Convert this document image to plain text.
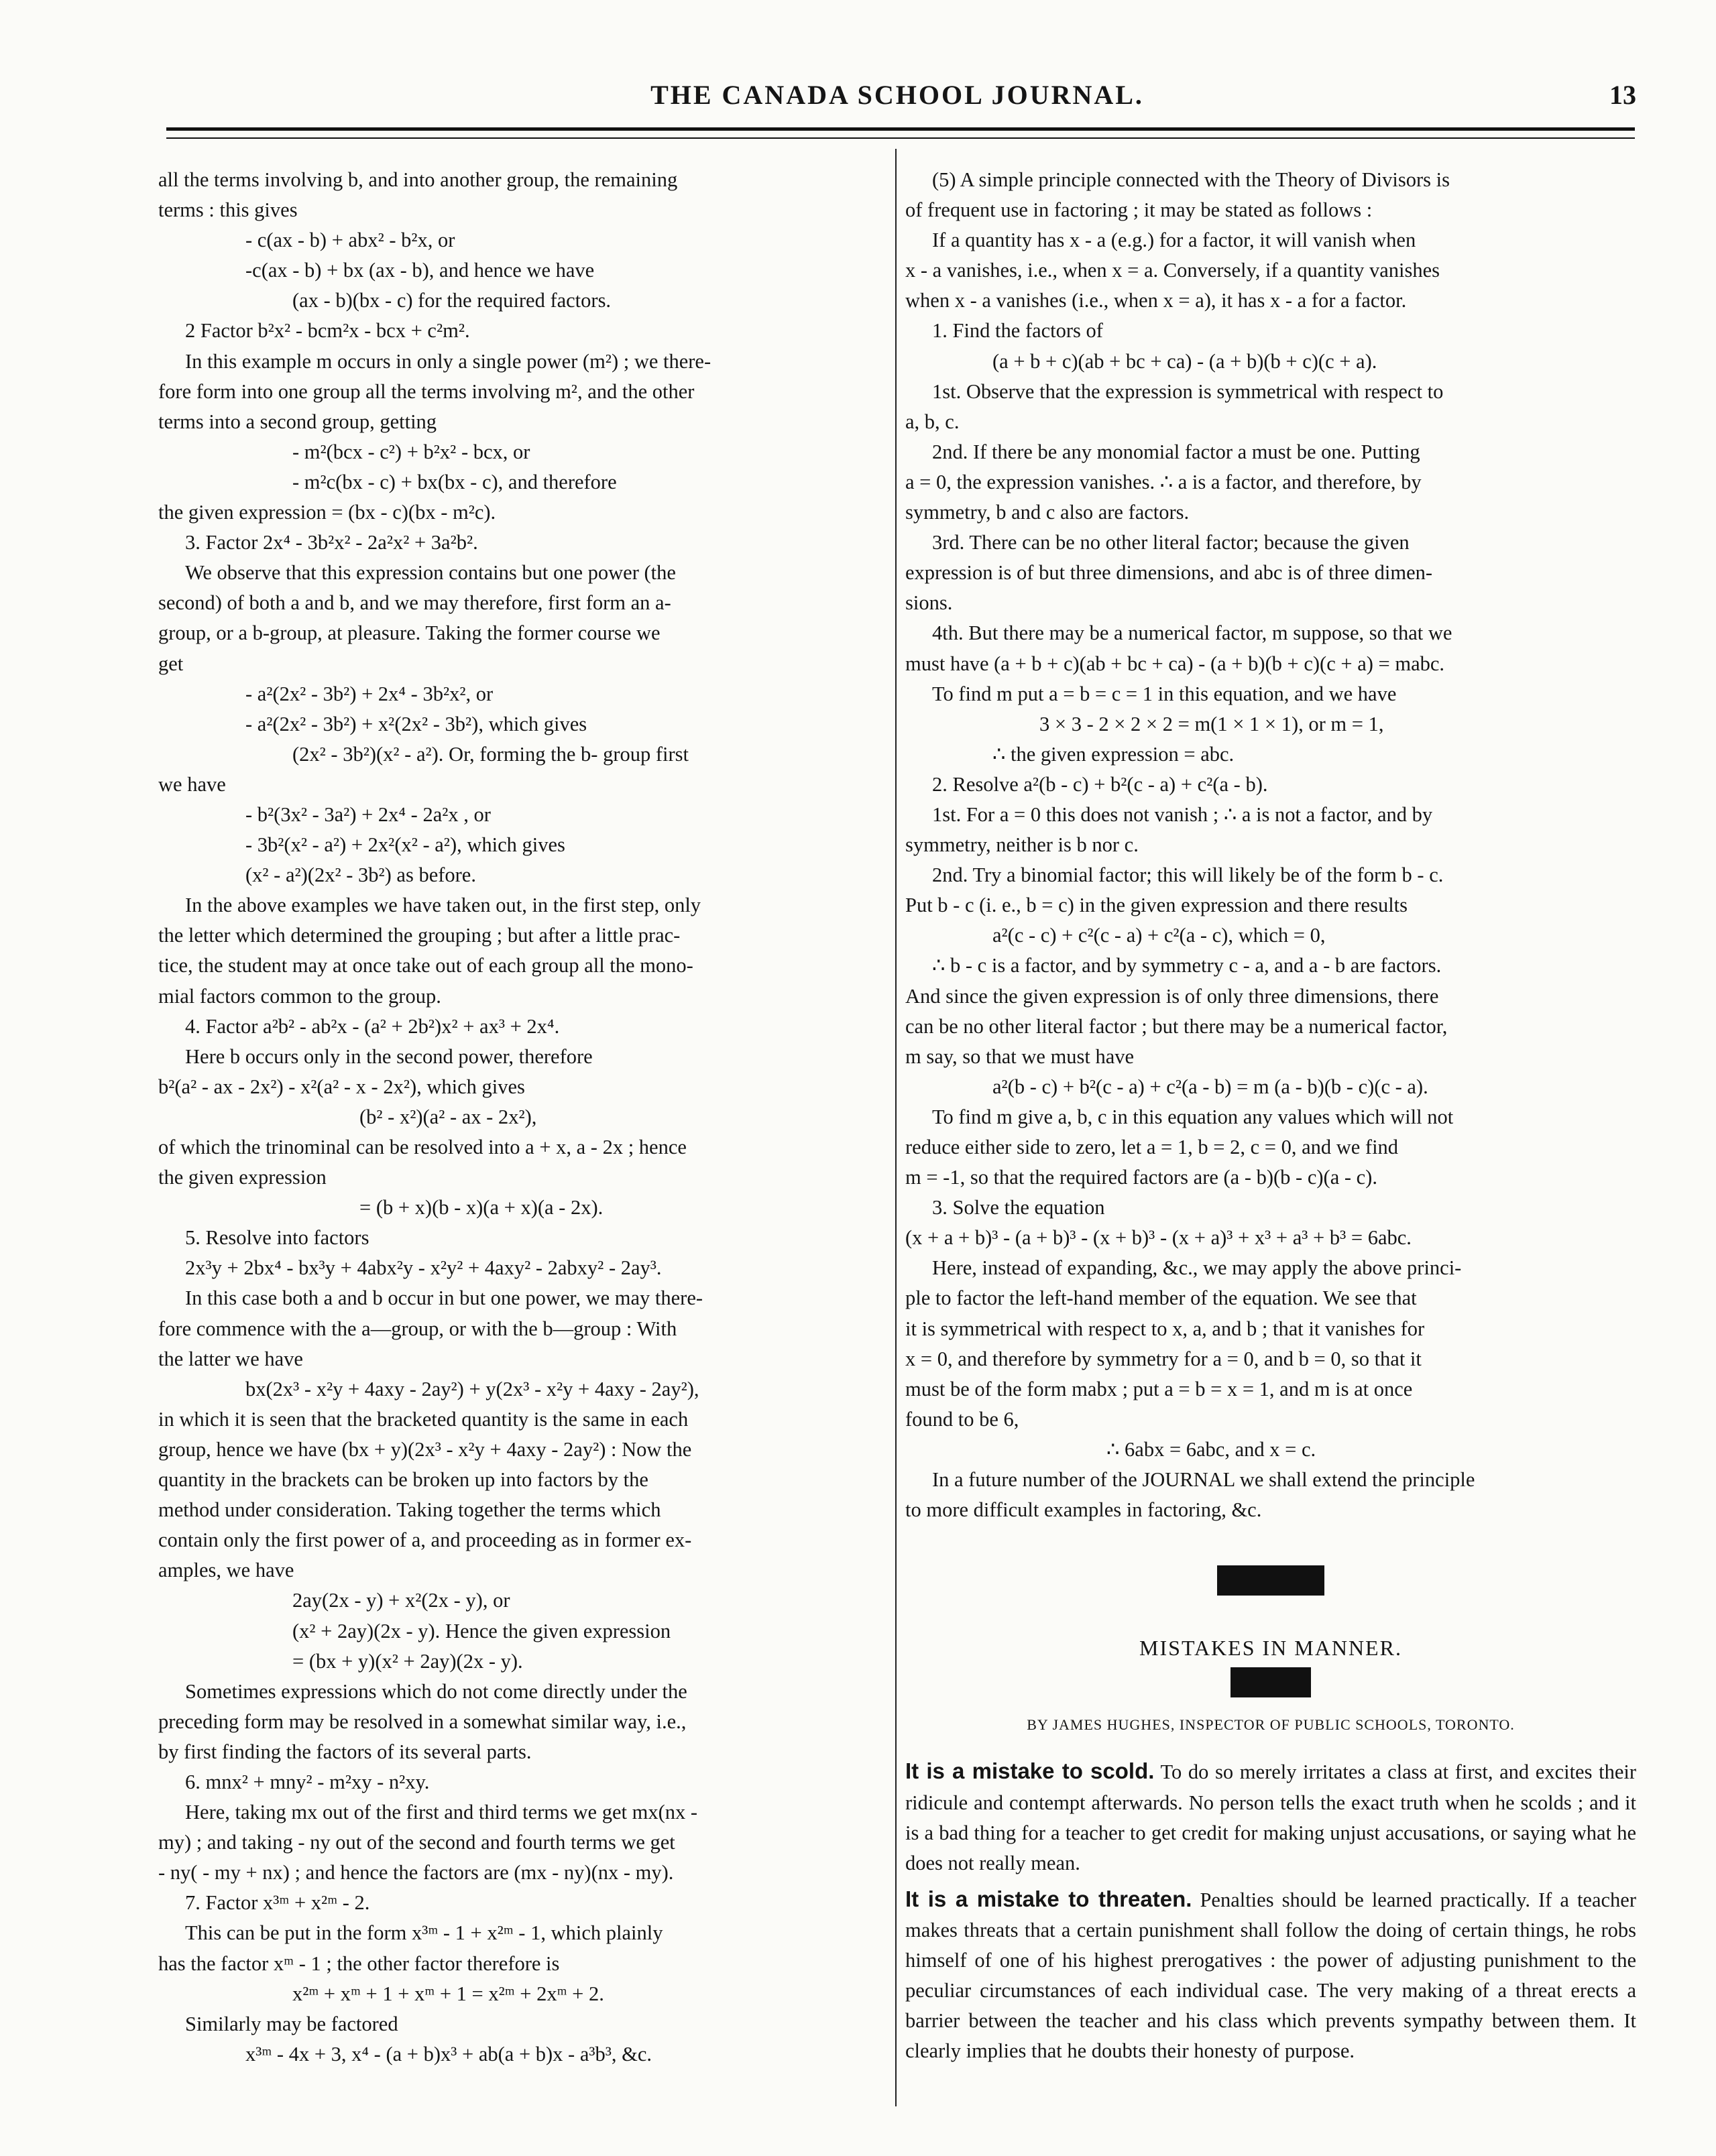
THE CANADA SCHOOL JOURNAL.	13
all the terms involving b, and into another group, the remaining
terms : this gives
- c(ax - b) + abx² - b²x, or
-c(ax - b) + bx (ax - b), and hence we have
(ax - b)(bx - c) for the required factors.
2 Factor b²x² - bcm²x - bcx + c²m².
In this example m occurs in only a single power (m²) ; we there-
fore form into one group all the terms involving m², and the other
terms into a second group, getting
- m²(bcx - c²) + b²x² - bcx, or
- m²c(bx - c) + bx(bx - c), and therefore
the given expression = (bx - c)(bx - m²c).
3. Factor 2x⁴ - 3b²x² - 2a²x² + 3a²b².
We observe that this expression contains but one power (the
second) of both a and b, and we may therefore, first form an a-
group, or a b-group, at pleasure. Taking the former course we
get
- a²(2x² - 3b²) + 2x⁴ - 3b²x², or
- a²(2x² - 3b²) + x²(2x² - 3b²), which gives
(2x² - 3b²)(x² - a²). Or, forming the b- group first
we have
- b²(3x² - 3a²) + 2x⁴ - 2a²x , or
- 3b²(x² - a²) + 2x²(x² - a²), which gives
(x² - a²)(2x² - 3b²) as before.
In the above examples we have taken out, in the first step, only
the letter which determined the grouping ; but after a little prac-
tice, the student may at once take out of each group all the mono-
mial factors common to the group.
4. Factor a²b² - ab²x - (a² + 2b²)x² + ax³ + 2x⁴.
Here b occurs only in the second power, therefore
b²(a² - ax - 2x²) - x²(a² - x - 2x²), which gives
(b² - x²)(a² - ax - 2x²),
of which the trinominal can be resolved into a + x, a - 2x ; hence
the given expression
= (b + x)(b - x)(a + x)(a - 2x).
5. Resolve into factors
2x³y + 2bx⁴ - bx³y + 4abx²y - x²y² + 4axy² - 2abxy² - 2ay³.
In this case both a and b occur in but one power, we may there-
fore commence with the a—group, or with the b—group : With
the latter we have
bx(2x³ - x²y + 4axy - 2ay²) + y(2x³ - x²y + 4axy - 2ay²),
in which it is seen that the bracketed quantity is the same in each
group, hence we have (bx + y)(2x³ - x²y + 4axy - 2ay²) : Now the
quantity in the brackets can be broken up into factors by the
method under consideration. Taking together the terms which
contain only the first power of a, and proceeding as in former ex-
amples, we have
2ay(2x - y) + x²(2x - y), or
(x² + 2ay)(2x - y). Hence the given expression
= (bx + y)(x² + 2ay)(2x - y).
Sometimes expressions which do not come directly under the
preceding form may be resolved in a somewhat similar way, i.e.,
by first finding the factors of its several parts.
6. mnx² + mny² - m²xy - n²xy.
Here, taking mx out of the first and third terms we get mx(nx -
my) ; and taking - ny out of the second and fourth terms we get
- ny( - my + nx) ; and hence the factors are (mx - ny)(nx - my).
7. Factor x³ᵐ + x²ᵐ - 2.
This can be put in the form x³ᵐ - 1 + x²ᵐ - 1, which plainly
has the factor xᵐ - 1 ; the other factor therefore is
x²ᵐ + xᵐ + 1 + xᵐ + 1 = x²ᵐ + 2xᵐ + 2.
Similarly may be factored
x³ᵐ - 4x + 3, x⁴ - (a + b)x³ + ab(a + b)x - a³b³, &c.
(5) A simple principle connected with the Theory of Divisors is
of frequent use in factoring ; it may be stated as follows :
If a quantity has x - a (e.g.) for a factor, it will vanish when
x - a vanishes, i.e., when x = a. Conversely, if a quantity vanishes
when x - a vanishes (i.e., when x = a), it has x - a for a factor.
1. Find the factors of
(a + b + c)(ab + bc + ca) - (a + b)(b + c)(c + a).
1st. Observe that the expression is symmetrical with respect to
a, b, c.
2nd. If there be any monomial factor a must be one. Putting
a = 0, the expression vanishes. ∴ a is a factor, and therefore, by
symmetry, b and c also are factors.
3rd. There can be no other literal factor; because the given
expression is of but three dimensions, and abc is of three dimen-
sions.
4th. But there may be a numerical factor, m suppose, so that we
must have (a + b + c)(ab + bc + ca) - (a + b)(b + c)(c + a) = mabc.
To find m put a = b = c = 1 in this equation, and we have
3 × 3 - 2 × 2 × 2 = m(1 × 1 × 1), or m = 1,
∴ the given expression = abc.
2. Resolve a²(b - c) + b²(c - a) + c²(a - b).
1st. For a = 0 this does not vanish ; ∴ a is not a factor, and by
symmetry, neither is b nor c.
2nd. Try a binomial factor; this will likely be of the form b - c.
Put b - c (i. e., b = c) in the given expression and there results
a²(c - c) + c²(c - a) + c²(a - c), which = 0,
∴ b - c is a factor, and by symmetry c - a, and a - b are factors.
And since the given expression is of only three dimensions, there
can be no other literal factor ; but there may be a numerical factor,
m say, so that we must have
a²(b - c) + b²(c - a) + c²(a - b) = m (a - b)(b - c)(c - a).
To find m give a, b, c in this equation any values which will not
reduce either side to zero, let a = 1, b = 2, c = 0, and we find
m = -1, so that the required factors are (a - b)(b - c)(a - c).
3. Solve the equation
(x + a + b)³ - (a + b)³ - (x + b)³ - (x + a)³ + x³ + a³ + b³ = 6abc.
Here, instead of expanding, &c., we may apply the above princi-
ple to factor the left-hand member of the equation. We see that
it is symmetrical with respect to x, a, and b ; that it vanishes for
x = 0, and therefore by symmetry for a = 0, and b = 0, so that it
must be of the form mabx ; put a = b = x = 1, and m is at once
found to be 6,
∴ 6abx = 6abc, and x = c.
In a future number of the JOURNAL we shall extend the principle
to more difficult examples in factoring, &c.
MISTAKES IN MANNER.
BY JAMES HUGHES, INSPECTOR OF PUBLIC SCHOOLS, TORONTO.
It is a mistake to scold. To do so merely irritates a class at first, and excites their ridicule and contempt afterwards. No person tells the exact truth when he scolds ; and it is a bad thing for a teacher to get credit for making unjust accusations, or saying what he does not really mean.
It is a mistake to threaten. Penalties should be learned practically. If a teacher makes threats that a certain punishment shall follow the doing of certain things, he robs himself of one of his highest prerogatives : the power of adjusting punishment to the peculiar circumstances of each individual case. The very making of a threat erects a barrier between the teacher and his class which prevents sympathy between them. It clearly implies that he doubts their honesty of purpose.
